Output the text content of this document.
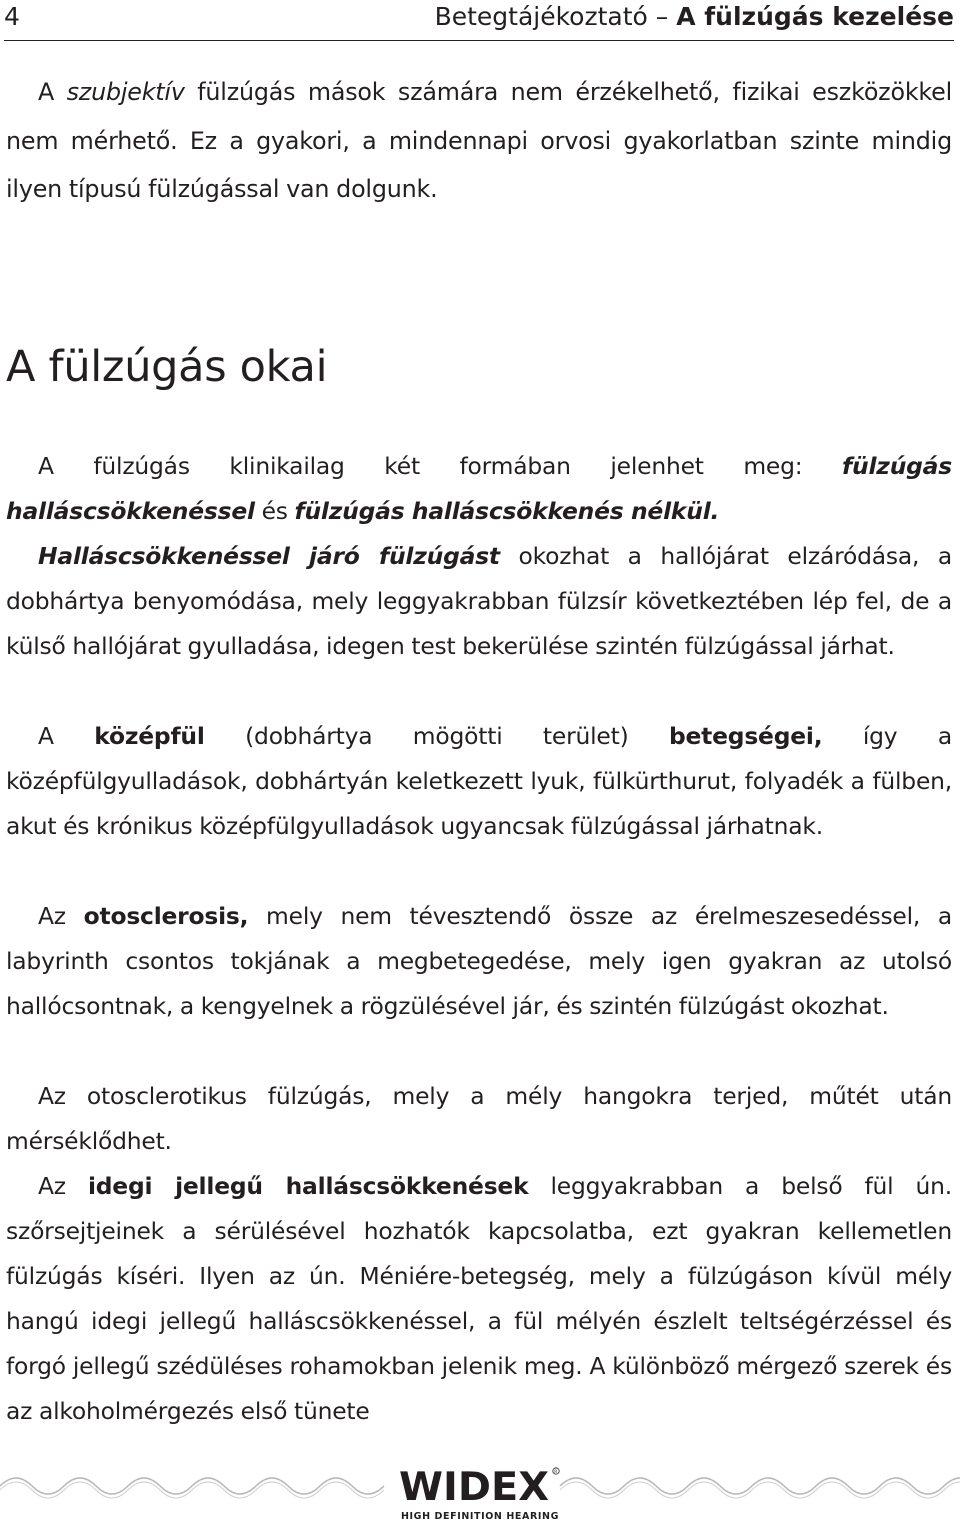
4	Betegtájékoztató – A fülzúgás kezelése

A szubjektív fülzúgás mások számára nem érzékelhető, fizikai eszközökkel nem mérhető. Ez a gyakori, a mindennapi orvosi gyakorlatban szinte mindig ilyen típusú fülzúgással van dolgunk.

A fülzúgás okai

A fülzúgás klinikailag két formában jelenhet meg: fülzúgás halláscsökkenéssel és fülzúgás halláscsökkenés nélkül.

Halláscsökkenéssel járó fülzúgást okozhat a hallójárat elzáródása, a dobhártya benyomódása, mely leggyakrabban fülzsír következtében lép fel, de a külső hallójárat gyulladása, idegen test bekerülése szintén fülzúgással járhat.

A középfül (dobhártya mögötti terület) betegségei, így a középfülgyulladások, dobhártyán keletkezett lyuk, fülkürthurut, folyadék a fülben, akut és krónikus középfülgyulladások ugyancsak fülzúgással járhatnak.

Az otosclerosis, mely nem tévesztendő össze az érelmeszesedéssel, a labyrinth csontos tokjának a megbetegedése, mely igen gyakran az utolsó hallócsontnak, a kengyelnek a rögzülésével jár, és szintén fülzúgást okozhat.

Az otosclerotikus fülzúgás, mely a mély hangokra terjed, műtét után mérséklődhet.

Az idegi jellegű halláscsökkenések leggyakrabban a belső fül ún. szőrsejtjeinek a sérülésével hozhatók kapcsolatba, ezt gyakran kellemetlen fülzúgás kíséri. Ilyen az ún. Méniére-betegség, mely a fülzúgáson kívül mély hangú idegi jellegű halláscsökkenéssel, a fül mélyén észlelt teltségérzéssel és forgó jellegű szédüléses rohamokban jelenik meg. A különböző mérgező szerek és az alkoholmérgezés első tünete

WIDEX R
HIGH DEFINITION HEARING
